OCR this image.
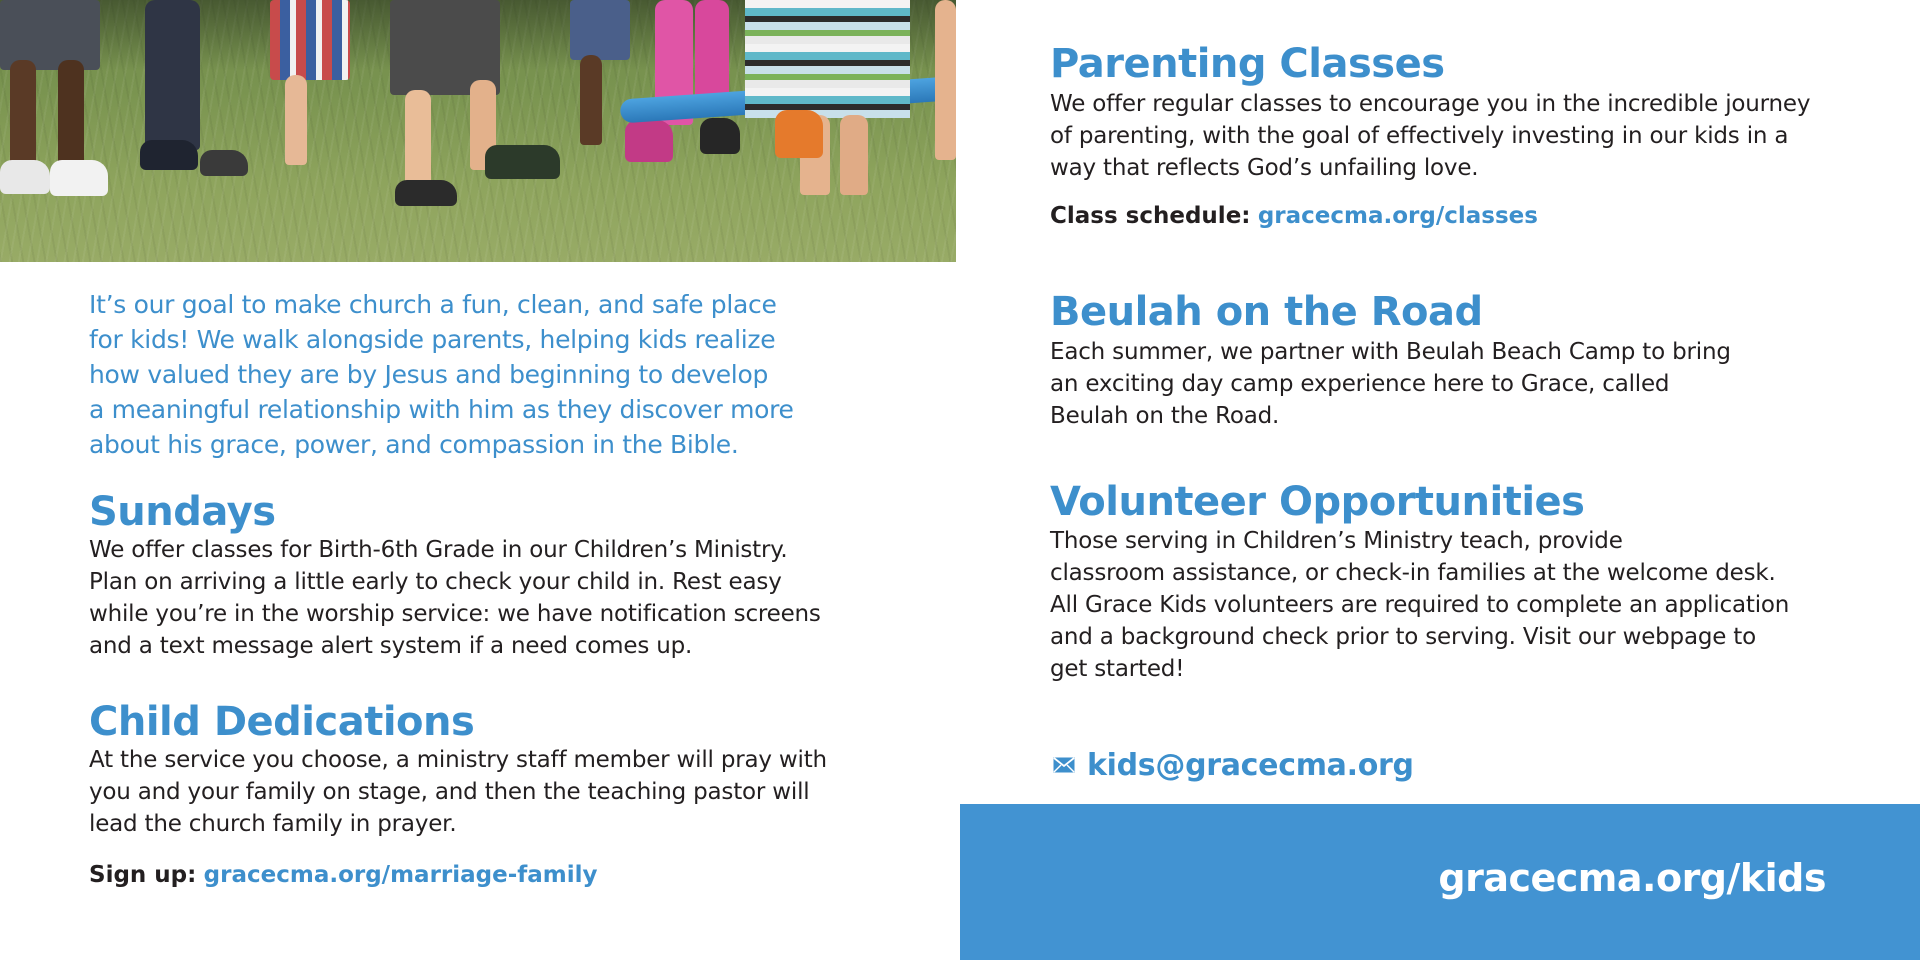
It’s our goal to make church a fun, clean, and safe place
for kids! We walk alongside parents, helping kids realize
how valued they are by Jesus and beginning to develop
a meaningful relationship with him as they discover more
about his grace, power, and compassion in the Bible.
Sundays
We offer classes for Birth-6th Grade in our Children’s Ministry.
Plan on arriving a little early to check your child in. Rest easy
while you’re in the worship service: we have notification screens
and a text message alert system if a need comes up.
Child Dedications
At the service you choose, a ministry staff member will pray with
you and your family on stage, and then the teaching pastor will
lead the church family in prayer.
Sign up: gracecma.org/marriage-family
Parenting Classes
We offer regular classes to encourage you in the incredible journey
of parenting, with the goal of effectively investing in our kids in a
way that reflects God’s unfailing love.
Class schedule: gracecma.org/classes
Beulah on the Road
Each summer, we partner with Beulah Beach Camp to bring
an exciting day camp experience here to Grace, called
Beulah on the Road.
Volunteer Opportunities
Those serving in Children’s Ministry teach, provide
classroom assistance, or check-in families at the welcome desk.
All Grace Kids volunteers are required to complete an application
and a background check prior to serving. Visit our webpage to
get started!
kids@gracecma.org
gracecma.org/kids
